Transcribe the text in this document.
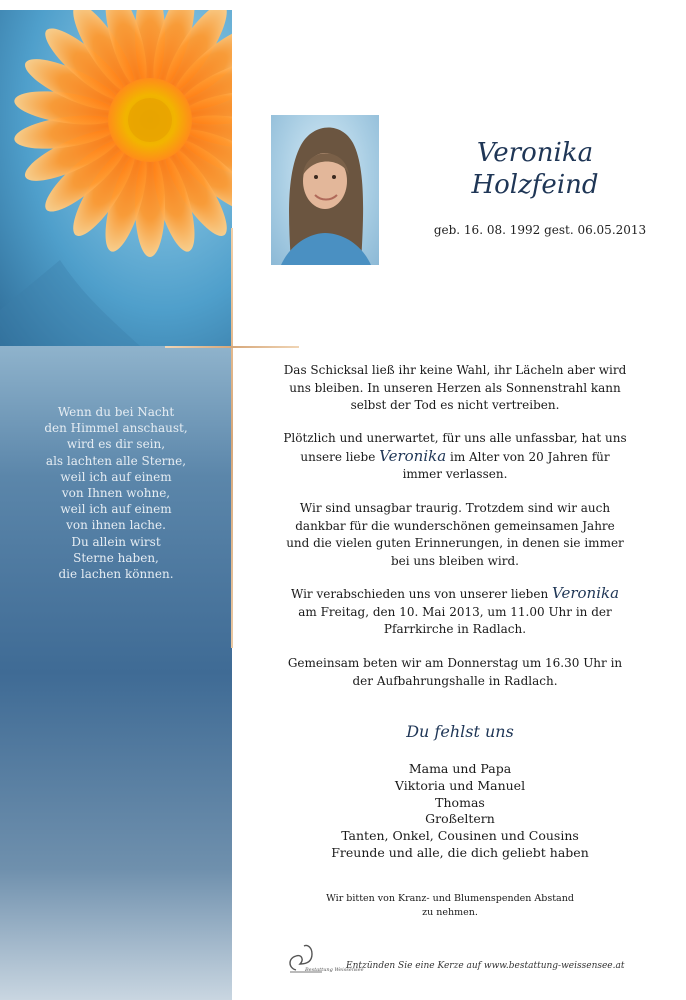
Wenn du bei Nacht
den Himmel anschaust,
wird es dir sein,
als lachten alle Sterne,
weil ich auf einem
von Ihnen wohne,
weil ich auf einem
von ihnen lache.
Du allein wirst
Sterne haben,
die lachen können.
Veronika
Holzfeind
geb. 16. 08. 1992 gest. 06.05.2013
Das Schicksal ließ ihr keine Wahl, ihr Lächeln aber wird
uns bleiben. In unseren Herzen als Sonnenstrahl kann
selbst der Tod es nicht vertreiben.
Plötzlich und unerwartet, für uns alle unfassbar, hat uns
unsere liebe Veronika im Alter von 20 Jahren für
immer verlassen.
Wir sind unsagbar traurig. Trotzdem sind wir auch
dankbar für die wunderschönen gemeinsamen Jahre
und die vielen guten Erinnerungen, in denen sie immer
bei uns bleiben wird.
Wir verabschieden uns von unserer lieben Veronika
am Freitag, den 10. Mai 2013, um 11.00 Uhr in der
Pfarrkirche in Radlach.
Gemeinsam beten wir am Donnerstag um 16.30 Uhr in
der Aufbahrungshalle in Radlach.
Du fehlst uns
Mama und Papa
Viktoria und Manuel
Thomas
Großeltern
Tanten, Onkel, Cousinen und Cousins
Freunde und alle, die dich geliebt haben
Wir bitten von Kranz- und Blumenspenden Abstand
zu nehmen.
Bestattung Weissensee
Entzünden Sie eine Kerze auf www.bestattung-weissensee.at
